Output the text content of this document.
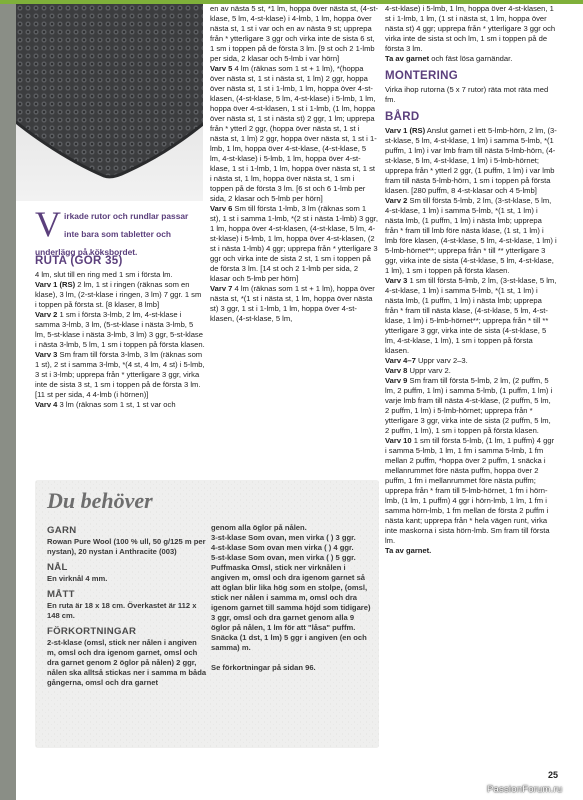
V irkade rutor och rundlar passar inte bara som tabletter och underlägg på köksbordet.
RUTA (GÖR 35)

4 lm, slut till en ring med 1 sm i första lm.

Varv 1 (RS) 2 lm, 1 st i ringen (räknas som en klase), 3 lm, (2-st-klase i ringen, 3 lm) 7 ggr. 1 sm i toppen på första st. [8 klaser, 8 lmb]

Varv 2 1 sm i första 3-lmb, 2 lm, 4-st-klase i samma 3-lmb, 3 lm, (5-st-klase i nästa 3-lmb, 5 lm, 5-st-klase i nästa 3-lmb, 3 lm) 3 ggr, 5-st-klase i nästa 3-lmb, 5 lm, 1 sm i toppen på första klasen.

Varv 3 Sm fram till första 3-lmb, 3 lm (räknas som 1 st), 2 st i samma 3-lmb, *(4 st, 4 lm, 4 st) i 5-lmb, 3 st i 3-lmb; upprepa från * ytterligare 3 ggr, virka inte de sista 3 st, 1 sm i toppen på de första 3 lm. [11 st per sida, 4 4-lmb (i hörnen)]

Varv 4 3 lm (räknas som 1 st, 1 st var och

en av nästa 5 st, *1 lm, hoppa över nästa st, (4-st-klase, 5 lm, 4-st-klase) i 4-lmb, 1 lm, hoppa över nästa st, 1 st i var och en av nästa 9 st; upprepa från * ytterligare 3 ggr och virka inte de sista 6 st, 1 sm i toppen på de första 3 lm. [9 st och 2 1-lmb per sida, 2 klasar och 5-lmb i var hörn]

Varv 5 4 lm (räknas som 1 st + 1 lm), *(hoppa över nästa st, 1 st i nästa st, 1 lm) 2 ggr, hoppa över nästa st, 1 st i 1-lmb, 1 lm, hoppa över 4-st-klasen, (4-st-klase, 5 lm, 4-st-klase) i 5-lmb, 1 lm, hoppa över 4-st-klasen, 1 st i 1-lmb, (1 lm, hoppa över nästa st, 1 st i nästa st) 2 ggr, 1 lm; upprepa från * ytterl 2 ggr, (hoppa över nästa st, 1 st i nästa st, 1 lm) 2 ggr, hoppa över nästa st, 1 st i 1-lmb, 1 lm, hoppa över 4-st-klase, (4-st-klase, 5 lm, 4-st-klase) i 5-lmb, 1 lm, hoppa över 4-st-klase, 1 st i 1-lmb, 1 lm, hoppa över nästa st, 1 st i nästa st, 1 lm, hoppa över nästa st, 1 sm i toppen på de första 3 lm. [6 st och 6 1-lmb per sida, 2 klasar och 5-lmb per hörn]

Varv 6 Sm till första 1-lmb, 3 lm (räknas som 1 st), 1 st i samma 1-lmb, *(2 st i nästa 1-lmb) 3 ggr, 1 lm, hoppa över 4-st-klasen, (4-st-klase, 5 lm, 4-st-klase) i 5-lmb, 1 lm, hoppa över 4-st-klasen, (2 st i nästa 1-lmb) 4 ggr; upprepa från * ytterligare 3 ggr och virka inte de sista 2 st, 1 sm i toppen på de första 3 lm. [14 st och 2 1-lmb per sida, 2 klasar och 5-lmb per hörn]

Varv 7 4 lm (räknas som 1 st + 1 lm), hoppa över nästa st, *(1 st i nästa st, 1 lm, hoppa över nästa st) 3 ggr, 1 st i 1-lmb, 1 lm, hoppa över 4-st-klasen, (4-st-klase, 5 lm,

4-st-klase) i 5-lmb, 1 lm, hoppa över 4-st-klasen, 1 st i 1-lmb, 1 lm, (1 st i nästa st, 1 lm, hoppa över nästa st) 4 ggr; upprepa från * ytterligare 3 ggr och virka inte de sista st och lm, 1 sm i toppen på de första 3 lm.

Ta av garnet och fäst lösa garnändar.

MONTERING

Virka ihop rutorna (5 x 7 rutor) räta mot räta med fm.

BÅRD

Varv 1 (RS) Anslut garnet i ett 5-lmb-hörn, 2 lm, (3-st-klase, 5 lm, 4-st-klase, 1 lm) i samma 5-lmb, *(1 puffm, 1 lm) i var lmb fram till nästa 5-lmb-hörn, (4-st-klase, 5 lm, 4-st-klase, 1 lm) i 5-lmb-hörnet; upprepa från * ytterl 2 ggr, (1 puffm, 1 lm) i var lmb fram till nästa 5-lmb-hörn, 1 sm i toppen på första klasen. [280 puffm, 8 4-st-klasar och 4 5-lmb]

Varv 2 Sm till första 5-lmb, 2 lm, (3-st-klase, 5 lm, 4-st-klase, 1 lm) i samma 5-lmb, *(1 st, 1 lm) i nästa lmb, (1 puffm, 1 lm) i nästa lmb; upprepa från * fram till lmb före nästa klase, (1 st, 1 lm) i lmb före klasen, (4-st-klase, 5 lm, 4-st-klase, 1 lm) i 5-lmb-hörnet**; upprepa från * till ** ytterligare 3 ggr, virka inte de sista (4-st-klase, 5 lm, 4-st-klase, 1 lm), 1 sm i toppen på första klasen.

Varv 3 1 sm till första 5-lmb, 2 lm, (3-st-klase, 5 lm, 4-st-klase, 1 lm) i samma 5-lmb, *(1 st, 1 lm) i nästa lmb, (1 puffm, 1 lm) i nästa lmb; upprepa från * fram till nästa klase, (4-st-klase, 5 lm, 4-st-klase, 1 lm) i 5-lmb-hörnet**; upprepa från * till ** ytterligare 3 ggr, virka inte de sista (4-st-klase, 5 lm, 4-st-klase, 1 lm), 1 sm i toppen på första klasen.

Varv 4–7 Uppr varv 2–3.

Varv 8 Uppr varv 2.

Varv 9 Sm fram till första 5-lmb, 2 lm, (2 puffm, 5 lm, 2 puffm, 1 lm) i samma 5-lmb, (1 puffm, 1 lm) i varje lmb fram till nästa 4-st-klase, (2 puffm, 5 lm, 2 puffm, 1 lm) i 5-lmb-hörnet; upprepa från * ytterligare 3 ggr, virka inte de sista (2 puffm, 5 lm, 2 puffm, 1 lm), 1 sm i toppen på första klasen.

Varv 10 1 sm till första 5-lmb, (1 lm, 1 puffm) 4 ggr i samma 5-lmb, 1 lm, 1 fm i samma 5-lmb, 1 fm mellan 2 puffm, *hoppa över 2 puffm, 1 snäcka i mellanrummet före nästa puffm, hoppa över 2 puffm, 1 fm i mellanrummet före nästa puffm; upprepa från * fram till 5-lmb-hörnet, 1 fm i hörn-lmb, (1 lm, 1 puffm) 4 ggr i hörn-lmb, 1 lm, 1 fm i samma hörn-lmb, 1 fm mellan de första 2 puffm i nästa kant; upprepa från * hela vägen runt, virka inte maskorna i sista hörn-lmb. Sm fram till första lm.

Ta av garnet.

Du behöver
GARN
Rowan Pure Wool (100 % ull, 50 g/125 m per nystan), 20 nystan i Anthracite (003)
NÅL
En virknål 4 mm.
MÅTT
En ruta är 18 x 18 cm. Överkastet är 112 x 148 cm.
FÖRKORTNINGAR
2-st-klase (omsl, stick ner nålen i angiven m, omsl och dra igenom garnet, omsl och dra garnet genom 2 öglor på nålen) 2 ggr, nålen ska alltså stickas ner i samma m båda gångerna, omsl och dra garnet

genom alla öglor på nålen.

3-st-klase Som ovan, men virka ( ) 3 ggr.

4-st-klase Som ovan men virka ( ) 4 ggr.

5-st-klase Som ovan, men virka ( ) 5 ggr.

Puffmaska Omsl, stick ner virknålen i angiven m, omsl och dra igenom garnet så att öglan blir lika hög som en stolpe, (omsl, stick ner nålen i samma m, omsl och dra igenom garnet till samma höjd som tidigare) 3 ggr, omsl och dra garnet genom alla 9 öglor på nålen, 1 lm för att "låsa" puffm.

Snäcka (1 dst, 1 lm) 5 ggr i angiven (en och samma) m.

Se förkortningar på sidan 96.

25
PassionForum.ru
